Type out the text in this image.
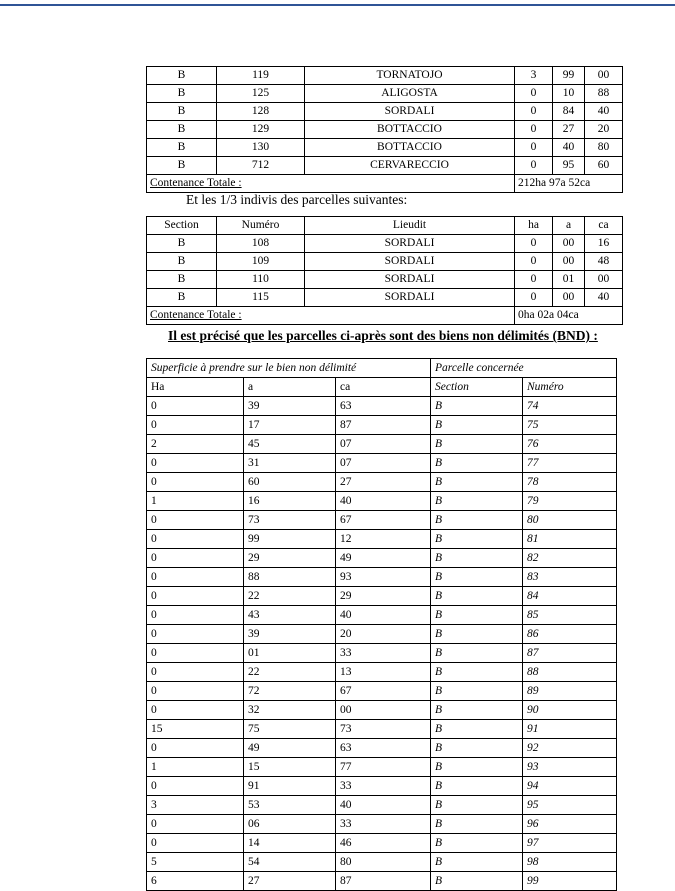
B	119	TORNATOJO	3	99	00
B	125	ALIGOSTA	0	10	88
B	128	SORDALI	0	84	40
B	129	BOTTACCIO	0	27	20
B	130	BOTTACCIO	0	40	80
B	712	CERVARECCIO	0	95	60
Contenance Totale :			212ha 97a 52ca		
Et les 1/3 indivis des parcelles suivantes:
Section	Numéro	Lieudit	ha	a	ca
B	108	SORDALI	0	00	16
B	109	SORDALI	0	00	48
B	110	SORDALI	0	01	00
B	115	SORDALI	0	00	40
Contenance Totale :			0ha 02a 04ca		
Il est précisé que les parcelles ci-après sont des biens non délimités (BND) :
Superficie à prendre sur le bien non délimité			Parcelle concernée	
Ha	a	ca	Section	Numéro
0	39	63	B	74
0	17	87	B	75
2	45	07	B	76
0	31	07	B	77
0	60	27	B	78
1	16	40	B	79
0	73	67	B	80
0	99	12	B	81
0	29	49	B	82
0	88	93	B	83
0	22	29	B	84
0	43	40	B	85
0	39	20	B	86
0	01	33	B	87
0	22	13	B	88
0	72	67	B	89
0	32	00	B	90
15	75	73	B	91
0	49	63	B	92
1	15	77	B	93
0	91	33	B	94
3	53	40	B	95
0	06	33	B	96
0	14	46	B	97
5	54	80	B	98
6	27	87	B	99
